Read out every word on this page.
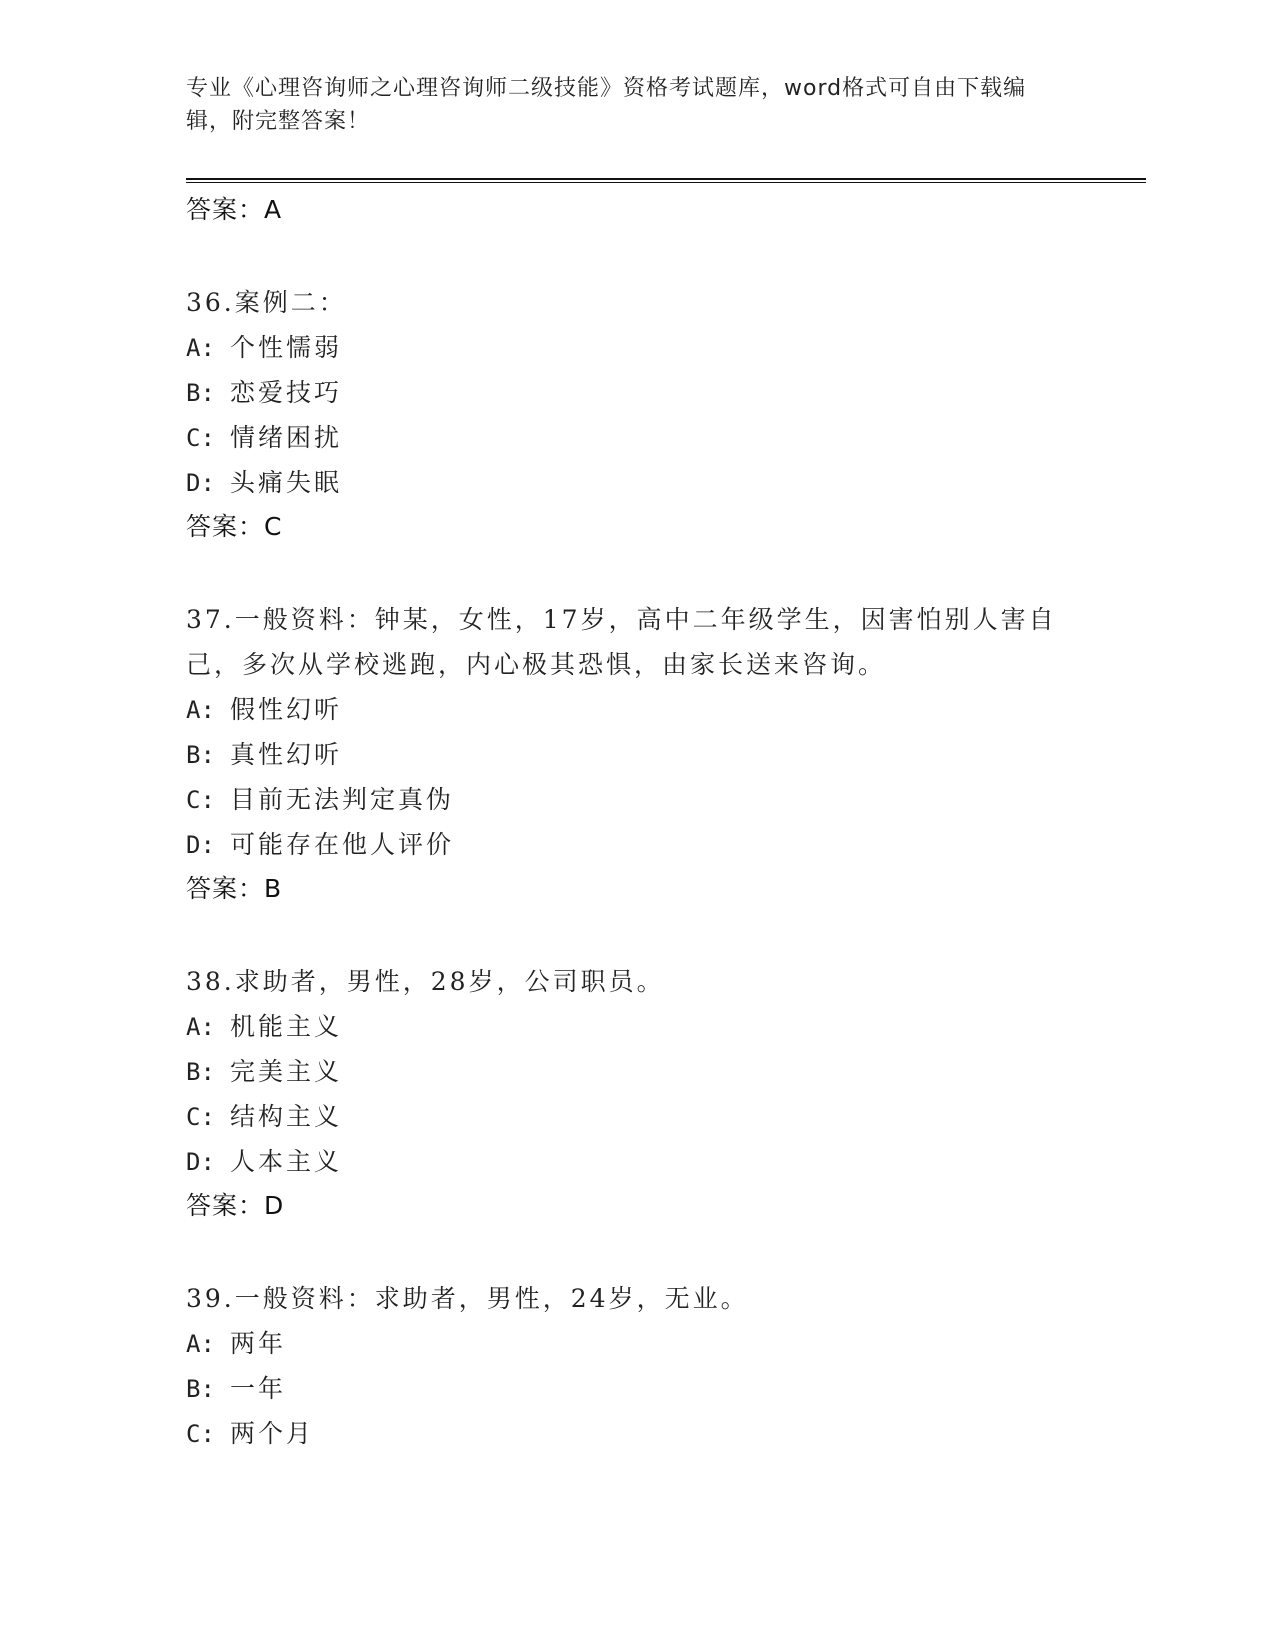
专业《心理咨询师之心理咨询师二级技能》资格考试题库，word格式可自由下载编辑，附完整答案！
答案：A
36.案例二：
A: 个性懦弱
B: 恋爱技巧
C: 情绪困扰
D: 头痛失眠
答案：C
37.一般资料：钟某，女性，17岁，高中二年级学生，因害怕别人害自己，多次从学校逃跑，内心极其恐惧，由家长送来咨询。
A: 假性幻听
B: 真性幻听
C: 目前无法判定真伪
D: 可能存在他人评价
答案：B
38.求助者，男性，28岁，公司职员。
A: 机能主义
B: 完美主义
C: 结构主义
D: 人本主义
答案：D
39.一般资料：求助者，男性，24岁，无业。
A: 两年
B: 一年
C: 两个月
